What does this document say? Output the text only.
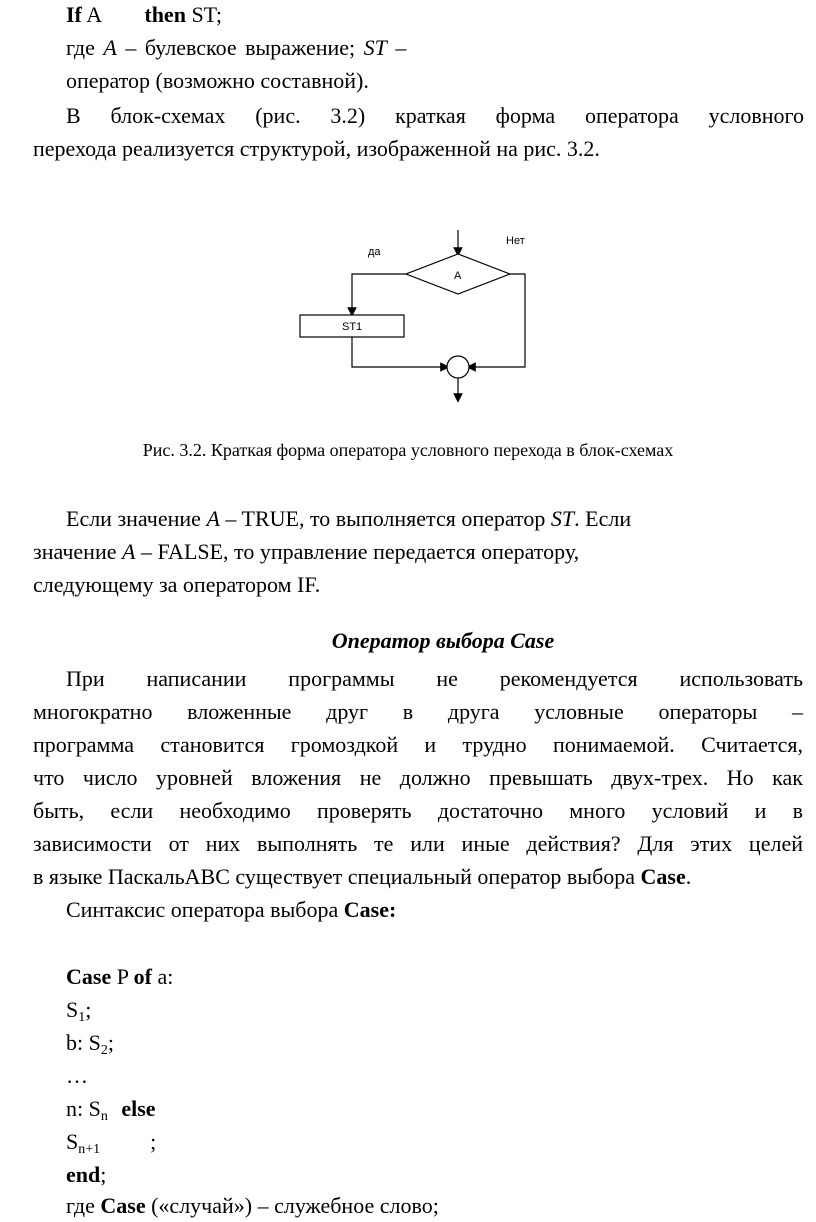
If A then ST;
где A – булевское выражение; ST –
оператор (возможно составной).
В блок-схемах (рис. 3.2) краткая форма оператора условного
перехода реализуется структурой, изображенной на рис. 3.2.
A
да
Нет
ST1
Рис. 3.2. Краткая форма оператора условного перехода в блок-схемах
Если значение A – TRUE, то выполняется оператор ST. Если
значение A – FALSE, то управление передается оператору,
следующему за оператором IF.
Оператор выбора Case
При написании программы не рекомендуется использовать
многократно вложенные друг в друга условные операторы –
программа становится громоздкой и трудно понимаемой. Считается,
что число уровней вложения не должно превышать двух-трех. Но как
быть, если необходимо проверять достаточно много условий и в
зависимости от них выполнять те или иные действия? Для этих целей
в языке ПаскальABC существует специальный оператор выбора Case.
Синтаксис оператора выбора Case:
Case P of a:
$S_1$;
b: $S_2$;
…
n: $S_n$ else
$S_{n+1}$ ;
end;
где Case («случай») – служебное слово;
